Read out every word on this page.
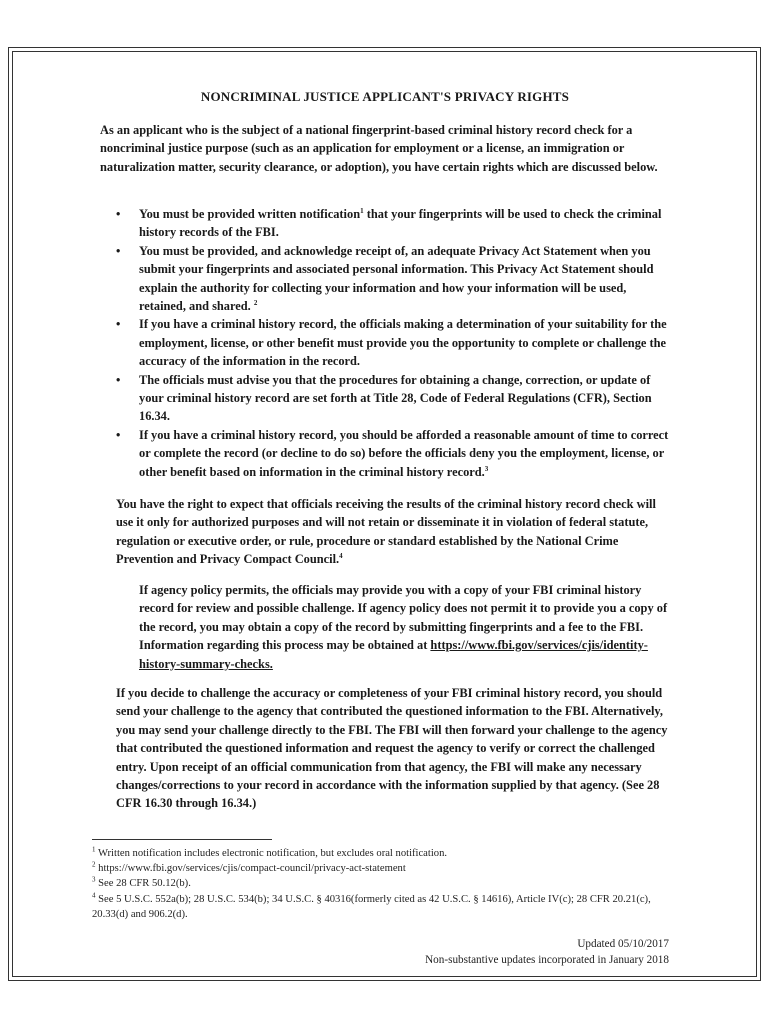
NONCRIMINAL JUSTICE APPLICANT'S PRIVACY RIGHTS

As an applicant who is the subject of a national fingerprint-based criminal history record check for a noncriminal justice purpose (such as an application for employment or a license, an immigration or naturalization matter, security clearance, or adoption), you have certain rights which are discussed below.

• You must be provided written notification$^1$ that your fingerprints will be used to check the criminal history records of the FBI.
• You must be provided, and acknowledge receipt of, an adequate Privacy Act Statement when you submit your fingerprints and associated personal information. This Privacy Act Statement should explain the authority for collecting your information and how your information will be used, retained, and shared. $^2$
• If you have a criminal history record, the officials making a determination of your suitability for the employment, license, or other benefit must provide you the opportunity to complete or challenge the accuracy of the information in the record.
• The officials must advise you that the procedures for obtaining a change, correction, or update of your criminal history record are set forth at Title 28, Code of Federal Regulations (CFR), Section 16.34.
• If you have a criminal history record, you should be afforded a reasonable amount of time to correct or complete the record (or decline to do so) before the officials deny you the employment, license, or other benefit based on information in the criminal history record.$^3$

You have the right to expect that officials receiving the results of the criminal history record check will use it only for authorized purposes and will not retain or disseminate it in violation of federal statute, regulation or executive order, or rule, procedure or standard established by the National Crime Prevention and Privacy Compact Council.$^4$

If agency policy permits, the officials may provide you with a copy of your FBI criminal history record for review and possible challenge. If agency policy does not permit it to provide you a copy of the record, you may obtain a copy of the record by submitting fingerprints and a fee to the FBI. Information regarding this process may be obtained at https://www.fbi.gov/services/cjis/identity-history-summary-checks.

If you decide to challenge the accuracy or completeness of your FBI criminal history record, you should send your challenge to the agency that contributed the questioned information to the FBI. Alternatively, you may send your challenge directly to the FBI. The FBI will then forward your challenge to the agency that contributed the questioned information and request the agency to verify or correct the challenged entry. Upon receipt of an official communication from that agency, the FBI will make any necessary changes/corrections to your record in accordance with the information supplied by that agency. (See 28 CFR 16.30 through 16.34.)

$^1$ Written notification includes electronic notification, but excludes oral notification.

$^2$ https://www.fbi.gov/services/cjis/compact-council/privacy-act-statement

$^3$ See 28 CFR 50.12(b).

$^4$ See 5 U.S.C. 552a(b); 28 U.S.C. 534(b); 34 U.S.C. § 40316(formerly cited as 42 U.S.C. § 14616), Article IV(c); 28 CFR 20.21(c), 20.33(d) and 906.2(d).

Updated 05/10/2017

Non-substantive updates incorporated in January 2018
